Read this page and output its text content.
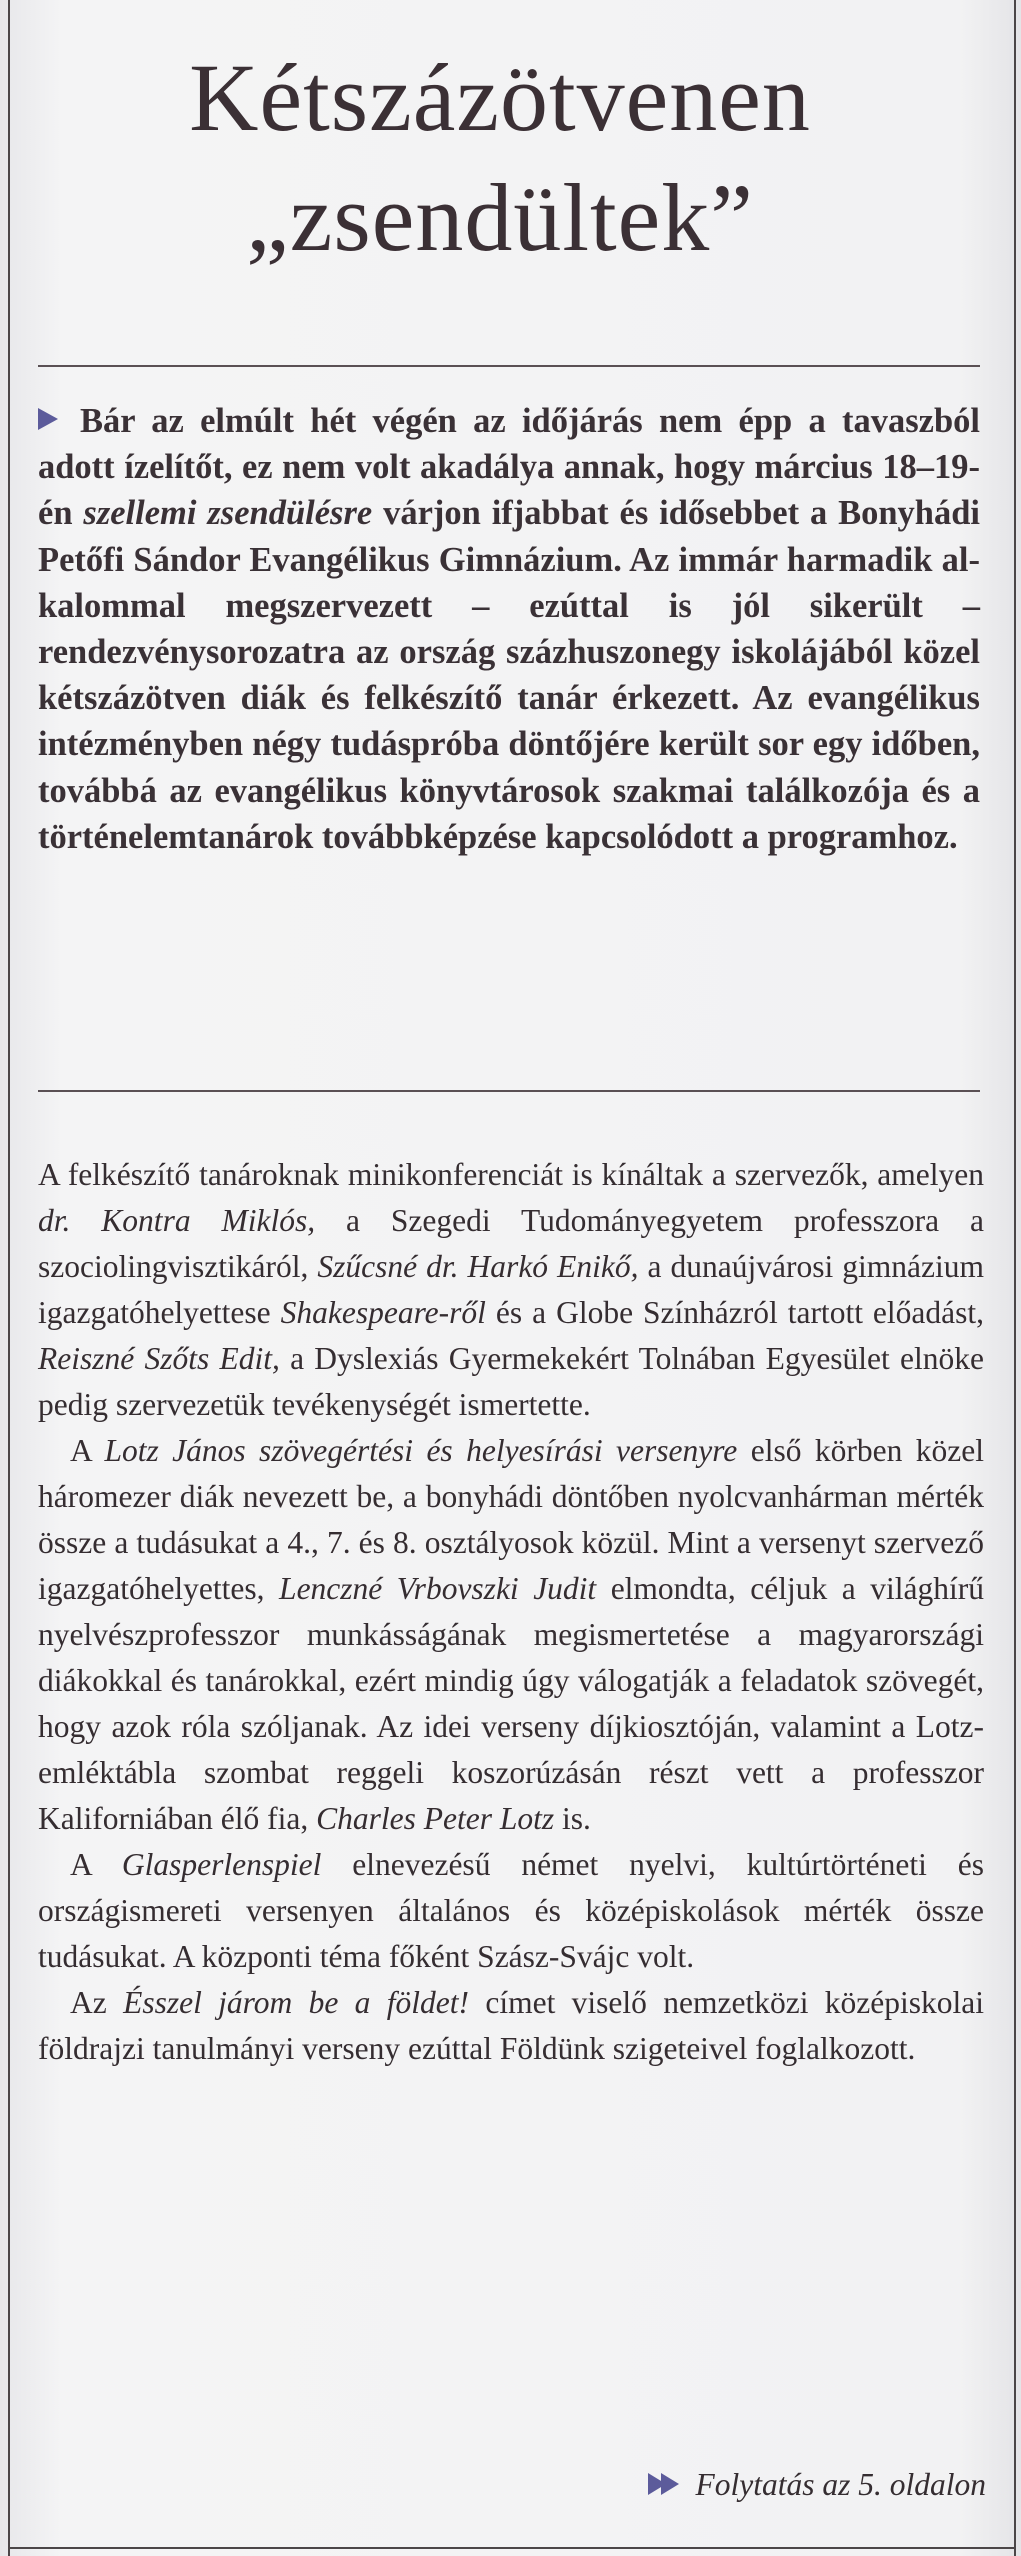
Kétszázötvenen
„zsendültek”

Bár az elmúlt hét végén az időjárás nem épp a tavaszból adott ízelítőt, ez nem volt akadálya annak, hogy március 18–19-én szellemi zsendülésre várjon ifjabbat és idősebbet a Bonyhádi Petőfi Sándor Evangélikus Gimnázium. Az immár harmadik alkalommal megszervezett – ezúttal is jól sikerült – rendezvénysorozatra az ország százhuszonegy iskolájából közel kétszázötven diák és felkészítő tanár érkezett. Az evangélikus intézményben négy tudáspróba döntőjére került sor egy időben, továbbá az evangélikus könyvtárosok szakmai találkozója és a történelemtanárok továbbképzése kapcsolódott a programhoz.

A felkészítő tanároknak minikonferenciát is kínáltak a szervezők, amelyen dr. Kontra Miklós, a Szegedi Tudományegyetem professzora a szociolingvisztikáról, Szűcsné dr. Harkó Enikő, a dunaújvárosi gimnázium igazgatóhelyettese Shakespeare-ről és a Globe Színházról tartott előadást, Reiszné Szőts Edit, a Dyslexiás Gyermekekért Tolnában Egyesület elnöke pedig szervezetük tevékenységét ismertette.

A Lotz János szövegértési és helyesírási versenyre első körben közel háromezer diák nevezett be, a bonyhádi döntőben nyolcvanhárman mérték össze a tudásukat a 4., 7. és 8. osztályosok közül. Mint a versenyt szervező igazgatóhelyettes, Lenczné Vrbovszki Judit elmondta, céljuk a világhírű nyelvészprofesszor munkásságának megismertetése a magyarországi diákokkal és tanárokkal, ezért mindig úgy válogatják a feladatok szövegét, hogy azok róla szóljanak. Az idei verseny díjkiosztóján, valamint a Lotz-emléktábla szombat reggeli koszorúzásán részt vett a professzor Kaliforniában élő fia, Charles Peter Lotz is.

A Glasperlenspiel elnevezésű német nyelvi, kultúrtörténeti és országismereti versenyen általános és középiskolások mérték össze tudásukat. A központi téma főként Szász-Svájc volt.

Az Ésszel járom be a földet! címet viselő nemzetközi középiskolai földrajzi tanulmányi verseny ezúttal Földünk szigeteivel foglalkozott.

Folytatás az 5. oldalon
